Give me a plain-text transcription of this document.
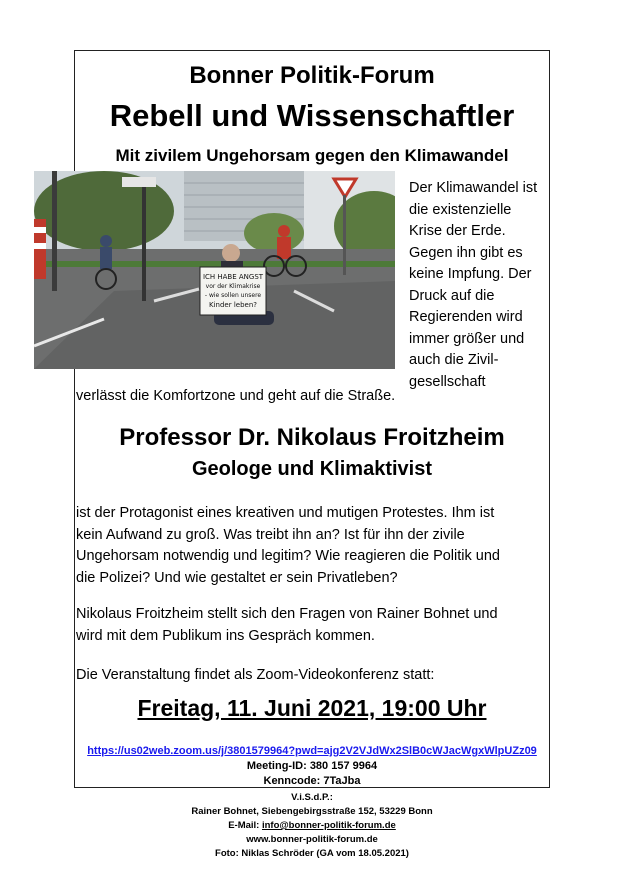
Bonner Politik-Forum
Rebell und Wissenschaftler
Mit zivilem Ungehorsam gegen den Klimawandel
ICH HABE ANGST
vor der Klimakrise
- wie sollen unsere
Kinder leben?
Der Klimawandel ist
die existenzielle
Krise der Erde.
Gegen ihn gibt es
keine Impfung. Der
Druck auf die
Regierenden wird
immer größer und
auch die Zivil-
gesellschaft
verlässt die Komfortzone und geht auf die Straße.
Professor Dr. Nikolaus Froitzheim
Geologe und Klimaktivist
ist der Protagonist eines kreativen und mutigen Protestes. Ihm ist
kein Aufwand zu groß. Was treibt ihn an? Ist für ihn der zivile
Ungehorsam notwendig und legitim? Wie reagieren die Politik und
die Polizei? Und wie gestaltet er sein Privatleben?
Nikolaus Froitzheim stellt sich den Fragen von Rainer Bohnet und
wird mit dem Publikum ins Gespräch kommen.
Die Veranstaltung findet als Zoom-Videokonferenz statt:
Freitag, 11. Juni 2021, 19:00 Uhr
https://us02web.zoom.us/j/3801579964?pwd=ajg2V2VJdWx2SlB0cWJacWgxWlpUZz09
Meeting-ID: 380 157 9964
Kenncode: 7TaJba
V.i.S.d.P.:
Rainer Bohnet, Siebengebirgsstraße 152, 53229 Bonn
E-Mail: info@bonner-politik-forum.de
www.bonner-politik-forum.de
Foto: Niklas Schröder (GA vom 18.05.2021)
